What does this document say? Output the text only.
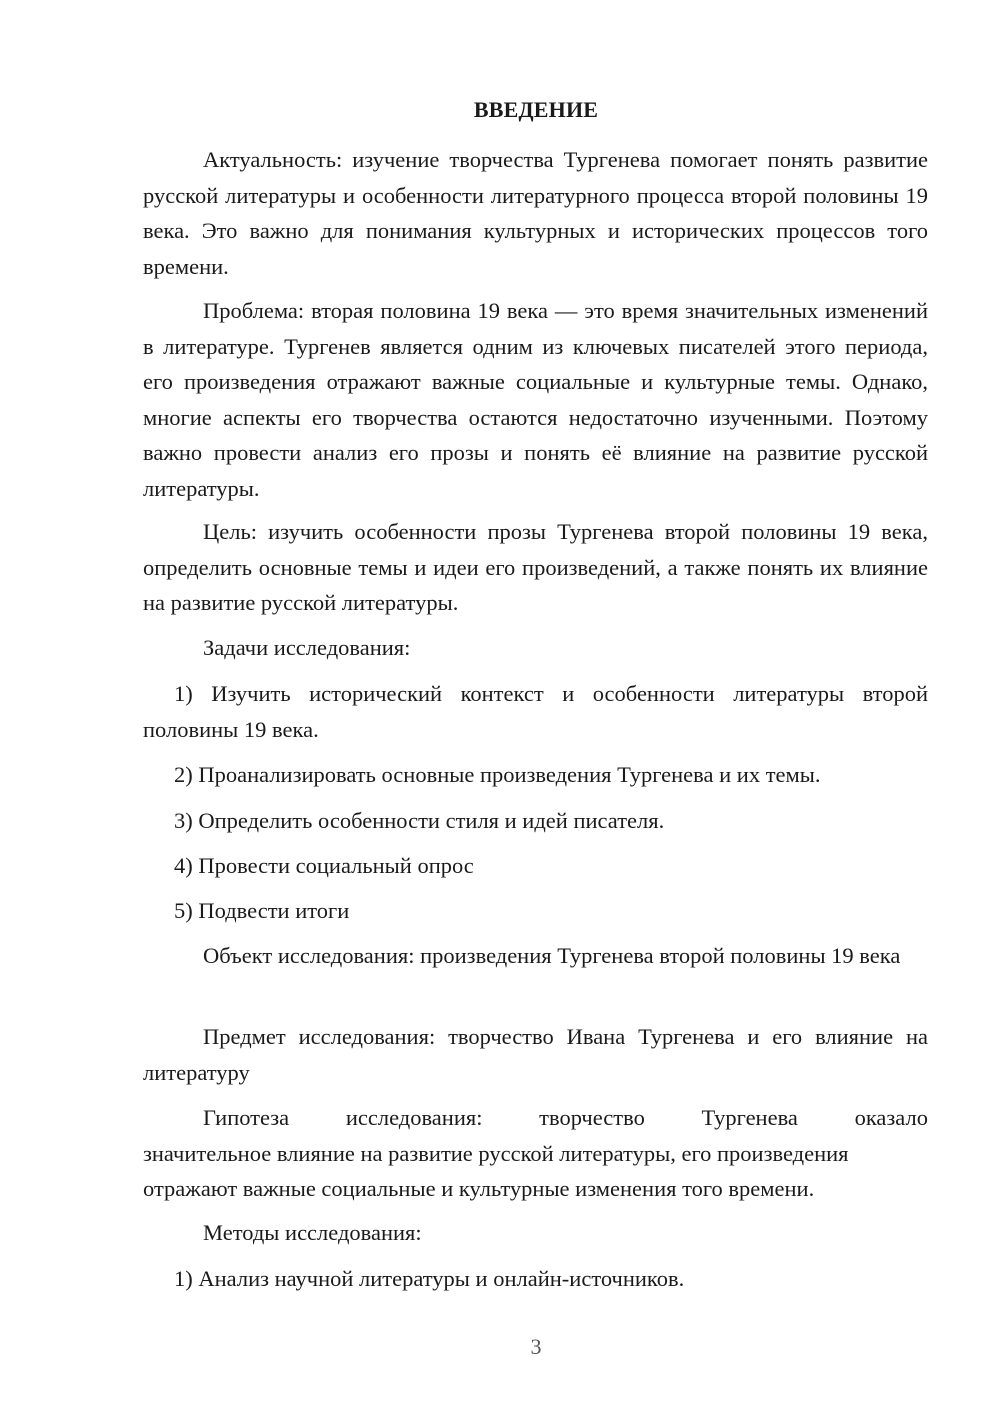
ВВЕДЕНИЕ

Актуальность: изучение творчества Тургенева помогает понять развитие русской литературы и особенности литературного процесса второй половины 19 века. Это важно для понимания культурных и исторических процессов того времени.

Проблема: вторая половина 19 века — это время значительных изменений в литературе. Тургенев является одним из ключевых писателей этого периода, его произведения отражают важные социальные и культурные темы. Однако, многие аспекты его творчества остаются недостаточно изученными. Поэтому важно провести анализ его прозы и понять её влияние на развитие русской литературы.

Цель: изучить особенности прозы Тургенева второй половины 19 века, определить основные темы и идеи его произведений, а также понять их влияние на развитие русской литературы.

Задачи исследования:

1) Изучить исторический контекст и особенности литературы второй половины 19 века.

2) Проанализировать основные произведения Тургенева и их темы.

3) Определить особенности стиля и идей писателя.

4) Провести социальный опрос

5) Подвести итоги

Объект исследования: произведения Тургенева второй половины 19 века

Предмет исследования: творчество Ивана Тургенева и его влияние на литературу

Гипотеза	исследования:	творчество	Тургенева	оказало
значительное влияние на развитие русской литературы, его произведения
отражают важные социальные и культурные изменения того времени.

Методы исследования:

1) Анализ научной литературы и онлайн-источников.

3
